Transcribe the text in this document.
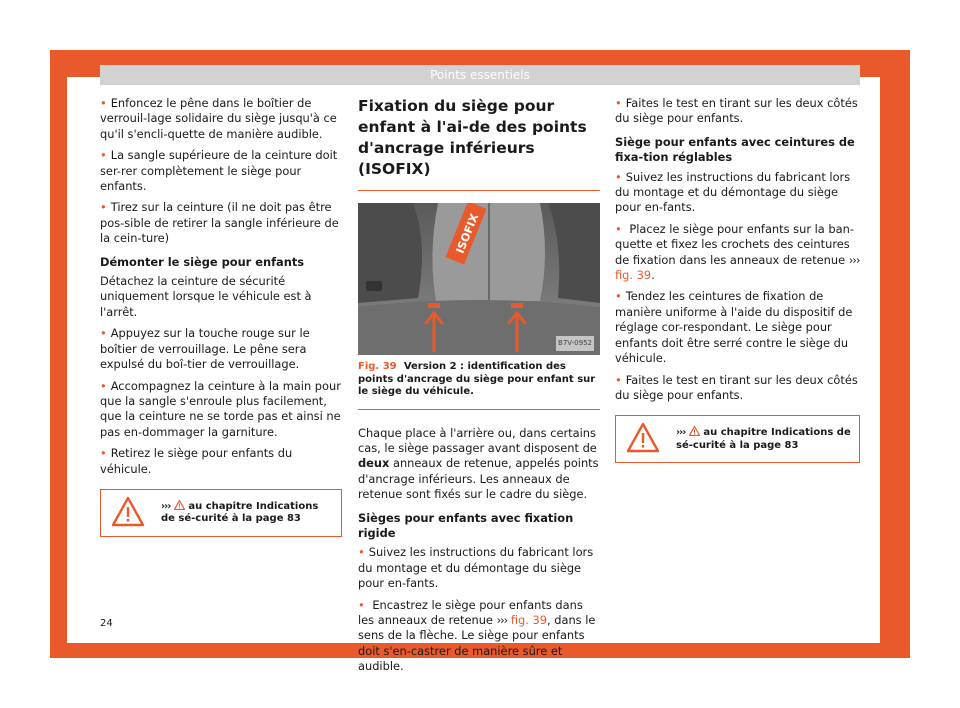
Points essentiels

• Enfoncez le pêne dans le boîtier de verrouil-lage solidaire du siège jusqu'à ce qu'il s'encli-quette de manière audible.

• La sangle supérieure de la ceinture doit ser-rer complètement le siège pour enfants.

• Tirez sur la ceinture (il ne doit pas être pos-sible de retirer la sangle inférieure de la cein-ture)

Démonter le siège pour enfants

Détachez la ceinture de sécurité uniquement lorsque le véhicule est à l'arrêt.

• Appuyez sur la touche rouge sur le boîtier de verrouillage. Le pêne sera expulsé du boî-tier de verrouillage.

• Accompagnez la ceinture à la main pour que la sangle s'enroule plus facilement, que la ceinture ne se torde pas et ainsi ne pas en-dommager la garniture.

• Retirez le siège pour enfants du véhicule.

››› au chapitre Indications de sé-curité à la page 83
Fixation du siège pour enfant à l'ai-de des points d'ancrage inférieurs (ISOFIX)
ISOFIX
B7V-0952
Fig. 39 Version 2 : identification des points d'ancrage du siège pour enfant sur le siège du véhicule.

Chaque place à l'arrière ou, dans certains cas, le siège passager avant disposent de deux anneaux de retenue, appelés points d'ancrage inférieurs. Les anneaux de retenue sont fixés sur le cadre du siège.

Sièges pour enfants avec fixation rigide

• Suivez les instructions du fabricant lors du montage et du démontage du siège pour en-fants.

• Encastrez le siège pour enfants dans les anneaux de retenue ››› fig. 39, dans le sens de la flèche. Le siège pour enfants doit s'en-castrer de manière sûre et audible.

• Faites le test en tirant sur les deux côtés du siège pour enfants.

Siège pour enfants avec ceintures de fixa-tion réglables

• Suivez les instructions du fabricant lors du montage et du démontage du siège pour en-fants.

• Placez le siège pour enfants sur la ban-quette et fixez les crochets des ceintures de fixation dans les anneaux de retenue ››› fig. 39.

• Tendez les ceintures de fixation de manière uniforme à l'aide du dispositif de réglage cor-respondant. Le siège pour enfants doit être serré contre le siège du véhicule.

• Faites le test en tirant sur les deux côtés du siège pour enfants.

››› au chapitre Indications de sé-curité à la page 83
24
